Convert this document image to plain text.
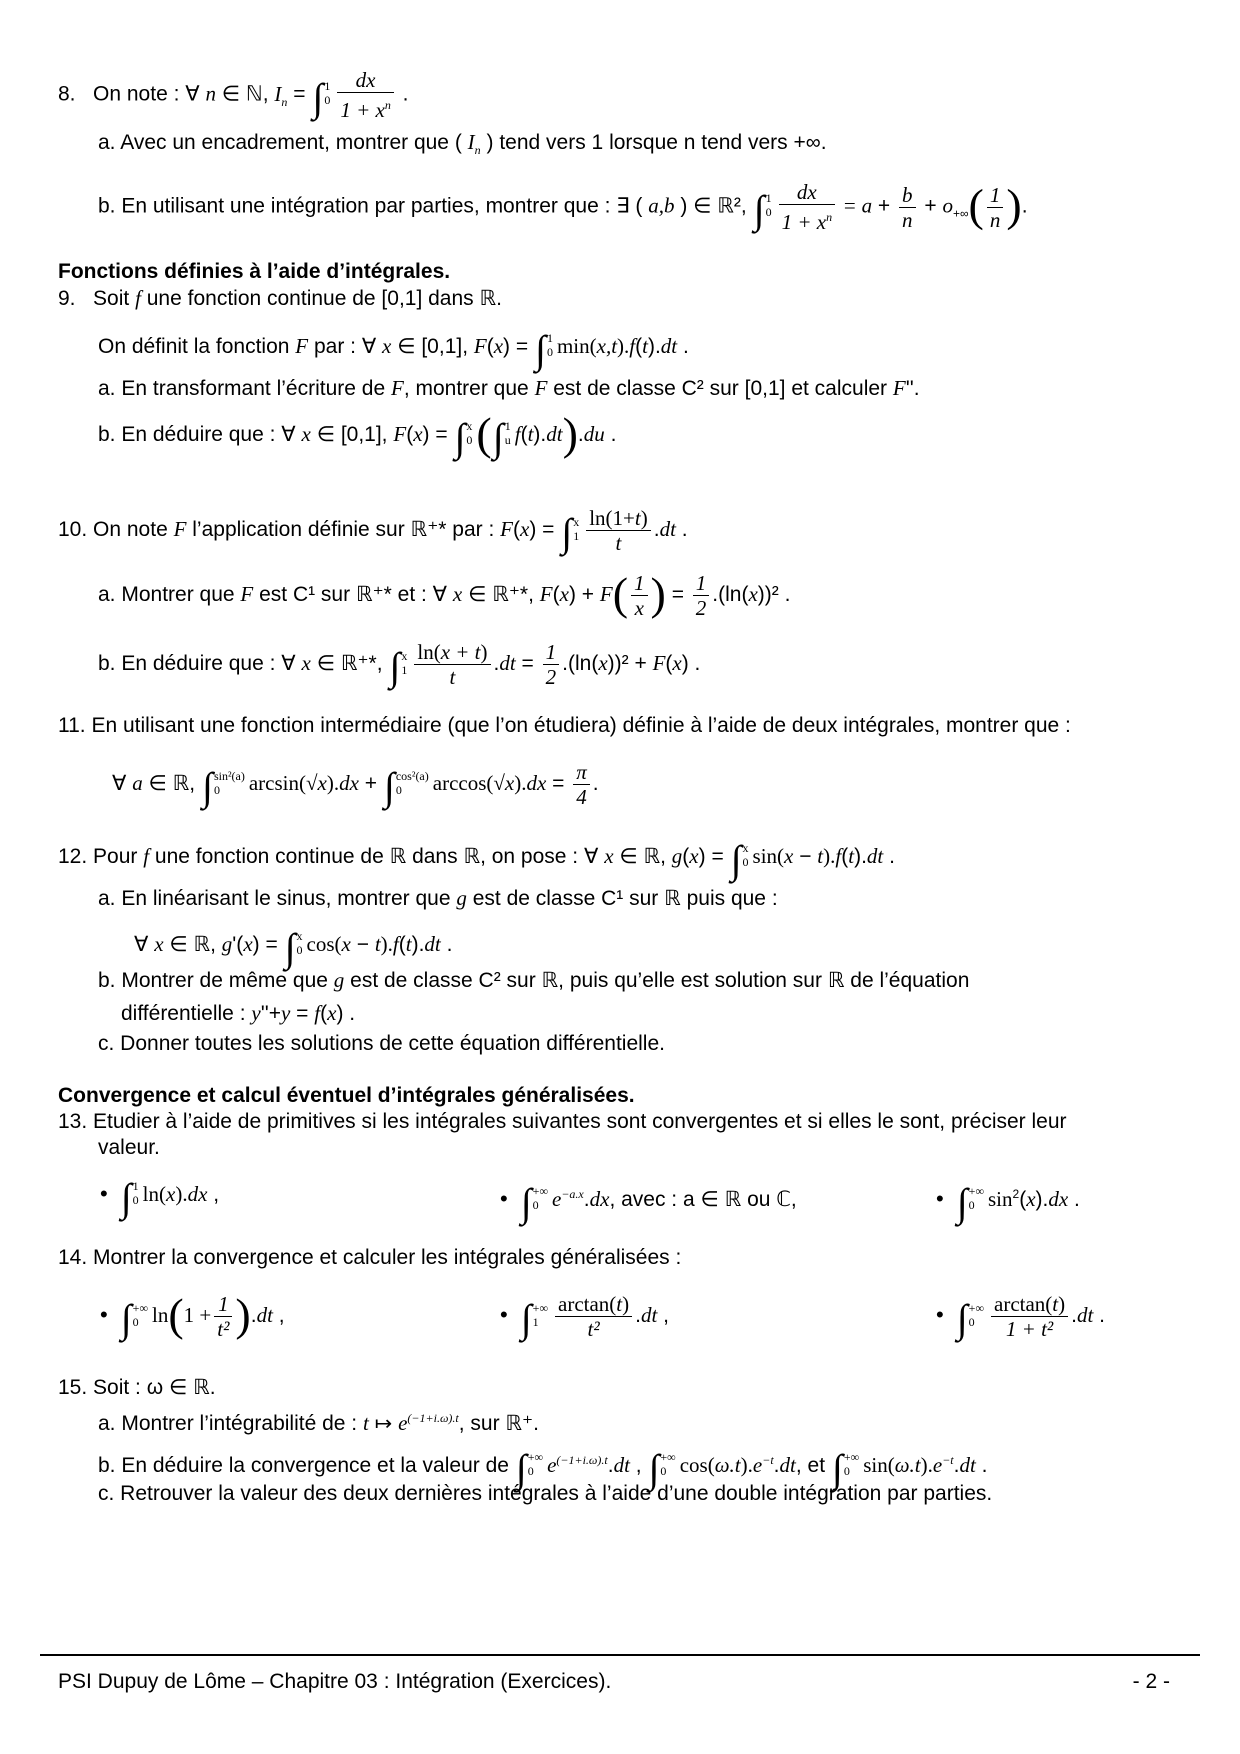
8. On note : ∀ n ∈ ℕ, $I_n$ = ∫ 1
$0 \frac{dx}{1 + x^n}$ .
a. Avec un encadrement, montrer que ( $I_n$ ) tend vers 1 lorsque n tend vers +∞.
b. En utilisant une intégration par parties, montrer que : ∃ ( a,b ) ∈ ℝ², ∫ 1
$0 \frac{dx}{1 + x^n} = a + \frac{b}{n} + o_{+\infty}( \frac{1}{n}$ ).
Fonctions définies à l’aide d’intégrales.
9. Soit f une fonction continue de [0,1] dans ℝ.
On définit la fonction F par : ∀ x ∈ [0,1], F(x) = ∫ 1
0 min(x,t).f(t).dt .
a. En transformant l’écriture de F, montrer que F est de classe C² sur [0,1] et calculer F''.
b. En déduire que : ∀ x ∈ [0,1], F(x) = ∫ x
0 (∫ 1
u f(t).dt).du .
10. On note F l’application définie sur ℝ⁺* par : F(x) = ∫ x
$1 \frac{\ln(1+t)}{t} .dt$ .
a. Montrer que F est C¹ sur ℝ⁺* et : ∀ x ∈ ℝ⁺*, $F(x) + F( \frac{1}{x}$ ) = $\frac{1}{2} .(\ln(x))^2$ .
b. En déduire que : ∀ x ∈ ℝ⁺*, ∫ x
$1 \frac{\ln(x + t)}{t} .dt = \frac{1}{2} .(\ln(x))^2 + F(x)$ .
11. En utilisant une fonction intermédiaire (que l’on étudiera) définie à l’aide de deux intégrales, montrer que :
∀ a ∈ ℝ, ∫ sin²(a)
0	arcsin(√x).dx + ∫ cos²(a)
0	$\arccos(√x).dx = \frac{\pi}{4}$ .
12. Pour f une fonction continue de ℝ dans ℝ, on pose : ∀ x ∈ ℝ, g(x) = ∫ x
0 sin(x − t).f(t).dt .
a. En linéarisant le sinus, montrer que g est de classe C¹ sur ℝ puis que :
∀ x ∈ ℝ, g'(x) = ∫ x
0 cos(x − t).f(t).dt .
b. Montrer de même que g est de classe C² sur ℝ, puis qu’elle est solution sur ℝ de l’équation
différentielle : y''+y = f(x) .
c. Donner toutes les solutions de cette équation différentielle.
Convergence et calcul éventuel d’intégrales généralisées.
13. Etudier à l’aide de primitives si les intégrales suivantes sont convergentes et si elles le sont, préciser leur
valeur.
• ∫ 1
0 ln(x).dx ,	• ∫ +∞
0 $e^{-a.x}.dx$, avec : a ∈ ℝ ou ℂ,	• ∫ +∞
0 $\sin^2(x).dx$ .
14. Montrer la convergence et calculer les intégrales généralisées :
• ∫ +∞
0 $\ln(1 + \frac{1}{\text{t²}} ).dt$ ,	• ∫ +∞
$1 \frac{\arctan(t)}{\text{t²}} .dt$ ,	• ∫ +∞
$0 \frac{\arctan(t)}{\text{1 + t²}} .dt$ .
15. Soit : ω ∈ ℝ.
a. Montrer l’intégrabilité de : t ↦ $e^{(-1+i.\omega).t}$, sur ℝ⁺.
b. En déduire la convergence et la valeur de ∫ +∞
0 $e^{(-1+i.\omega).t}.dt$ , ∫ +∞
0 $\cos(\omega.t).e^{-t}.dt$, et ∫ +∞
0 $\sin(\omega.t).e^{-t}.dt$ .
c. Retrouver la valeur des deux dernières intégrales à l’aide d’une double intégration par parties.
PSI Dupuy de Lôme – Chapitre 03 : Intégration (Exercices).	- 2 -
